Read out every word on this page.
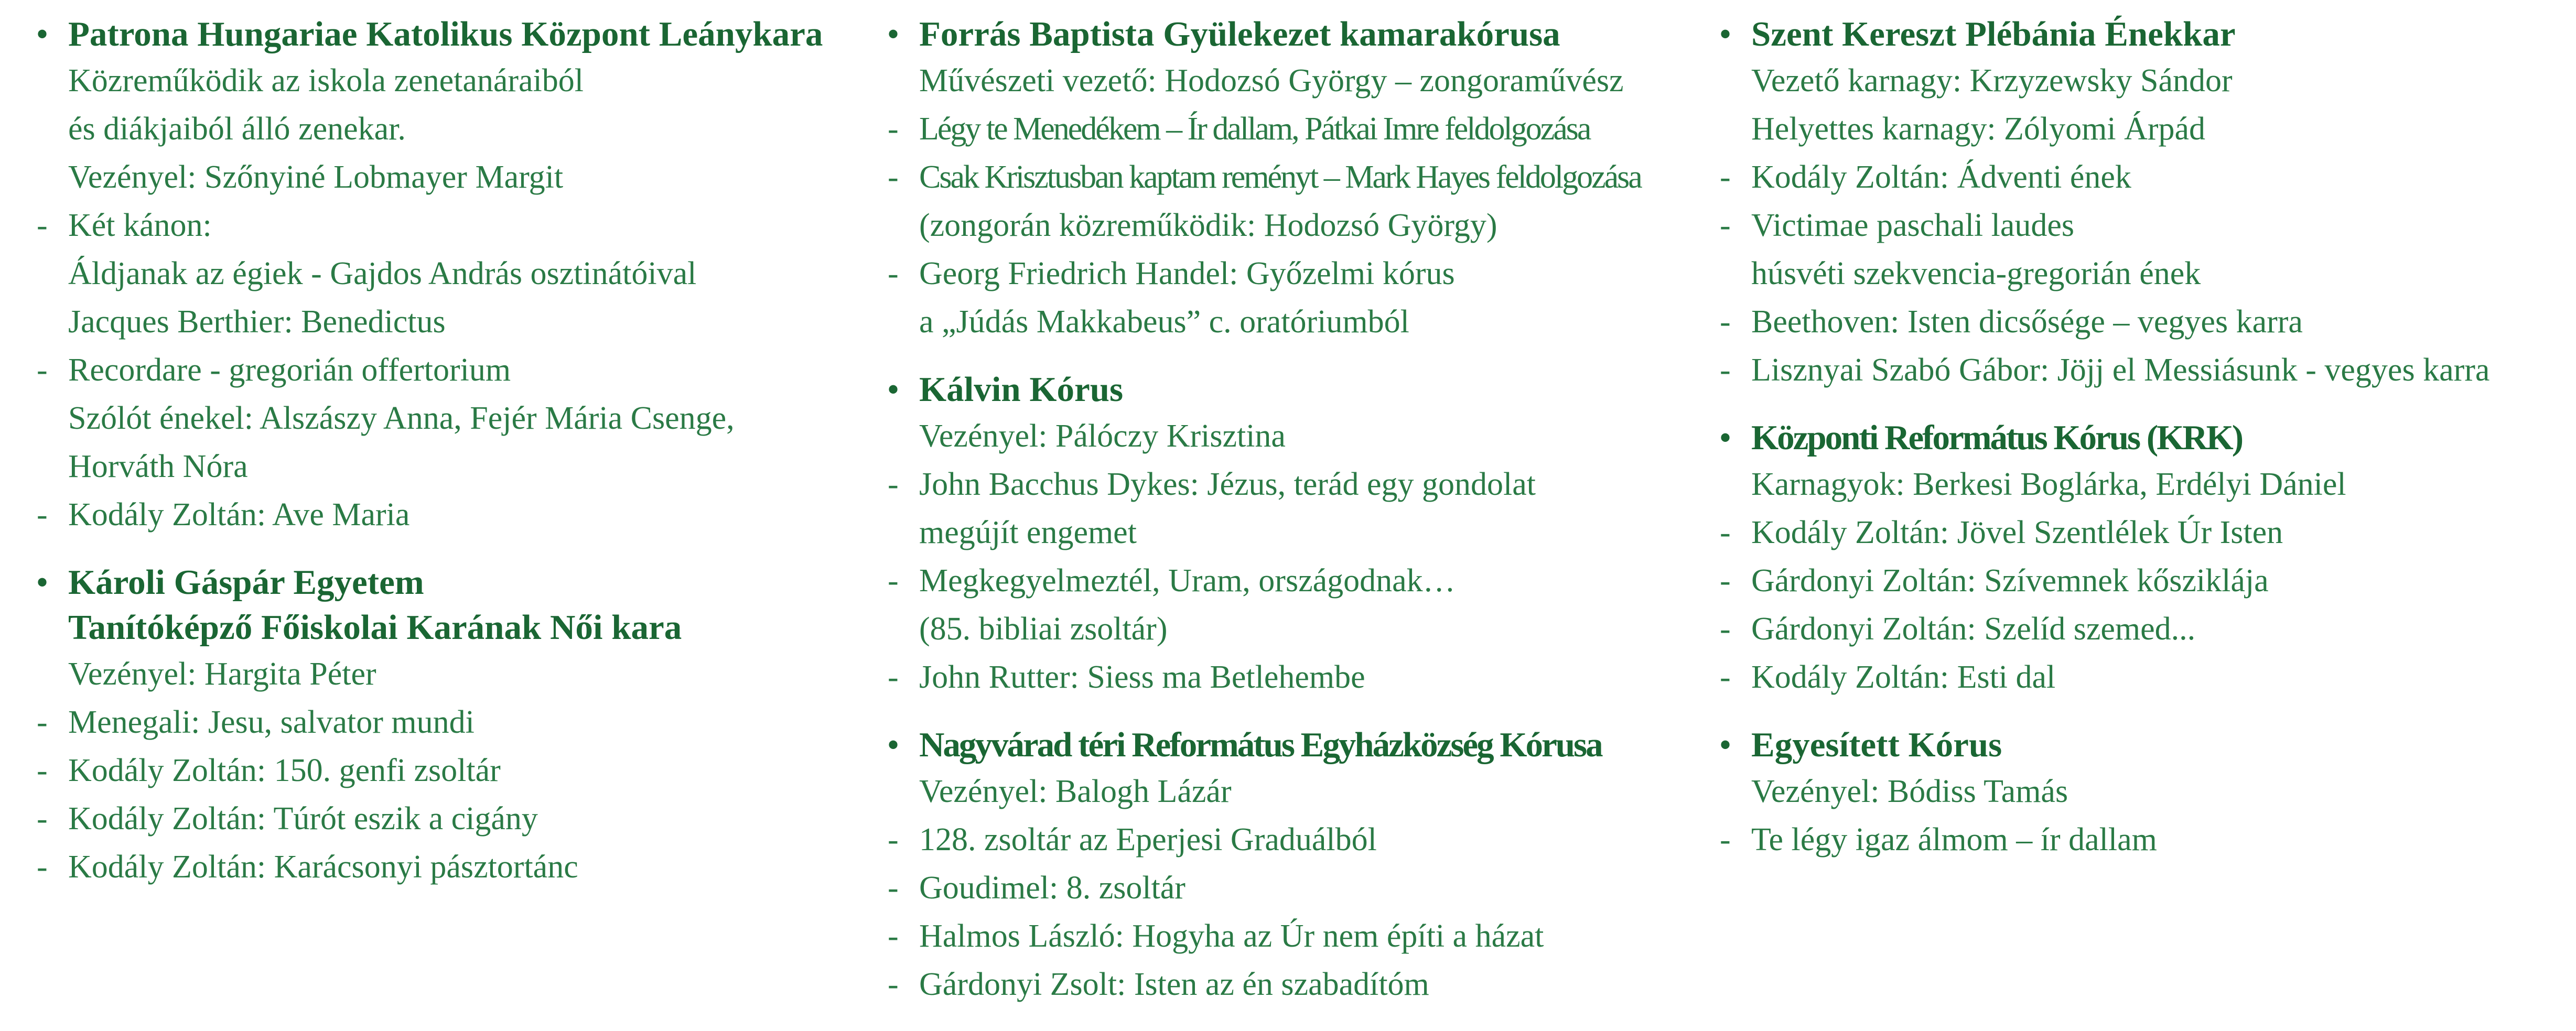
• Patrona Hungariae Katolikus Központ Leánykara
Közreműködik az iskola zenetanáraiból
és diákjaiból álló zenekar.
Vezényel: Szőnyiné Lobmayer Margit
- Két kánon:
Áldjanak az égiek - Gajdos András osztinátóival
Jacques Berthier: Benedictus
- Recordare - gregorián offertorium
Szólót énekel: Alszászy Anna, Fejér Mária Csenge,
Horváth Nóra
- Kodály Zoltán: Ave Maria
• Károli Gáspár Egyetem
Tanítóképző Főiskolai Karának Női kara
Vezényel: Hargita Péter
- Menegali: Jesu, salvator mundi
- Kodály Zoltán: 150. genfi zsoltár
- Kodály Zoltán: Túrót eszik a cigány
- Kodály Zoltán: Karácsonyi pásztortánc
• Forrás Baptista Gyülekezet kamarakórusa
Művészeti vezető: Hodozsó György – zongoraművész
- Légy te Menedékem – Ír dallam, Pátkai Imre feldolgozása
- Csak Krisztusban kaptam reményt – Mark Hayes feldolgozása
(zongorán közreműködik: Hodozsó György)
- Georg Friedrich Handel: Győzelmi kórus
a „Júdás Makkabeus” c. oratóriumból
• Kálvin Kórus
Vezényel: Pálóczy Krisztina
- John Bacchus Dykes: Jézus, terád egy gondolat
megújít engemet
- Megkegyelmeztél, Uram, országodnak…
(85. bibliai zsoltár)
- John Rutter: Siess ma Betlehembe
• Nagyvárad téri Református Egyházközség Kórusa
Vezényel: Balogh Lázár
- 128. zsoltár az Eperjesi Graduálból
- Goudimel: 8. zsoltár
- Halmos László: Hogyha az Úr nem építi a házat
- Gárdonyi Zsolt: Isten az én szabadítóm
• Szent Kereszt Plébánia Énekkar
Vezető karnagy: Krzyzewsky Sándor
Helyettes karnagy: Zólyomi Árpád
- Kodály Zoltán: Ádventi ének
- Victimae paschali laudes
húsvéti szekvencia-gregorián ének
- Beethoven: Isten dicsősége – vegyes karra
- Lisznyai Szabó Gábor: Jöjj el Messiásunk - vegyes karra
• Központi Református Kórus (KRK)
Karnagyok: Berkesi Boglárka, Erdélyi Dániel
- Kodály Zoltán: Jövel Szentlélek Úr Isten
- Gárdonyi Zoltán: Szívemnek kősziklája
- Gárdonyi Zoltán: Szelíd szemed...
- Kodály Zoltán: Esti dal
• Egyesített Kórus
Vezényel: Bódiss Tamás
- Te légy igaz álmom – ír dallam
